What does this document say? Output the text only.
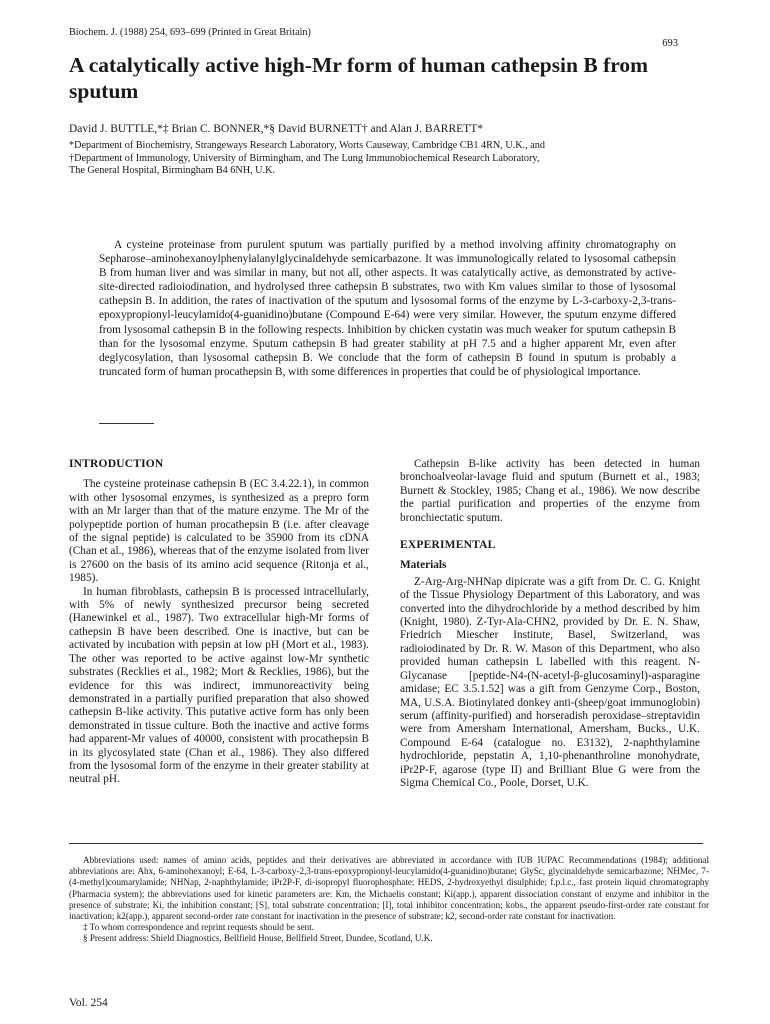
Biochem. J. (1988) 254, 693–699 (Printed in Great Britain)
693
A catalytically active high-Mr form of human cathepsin B from sputum
David J. BUTTLE,*‡ Brian C. BONNER,*§ David BURNETT† and Alan J. BARRETT*
*Department of Biochemistry, Strangeways Research Laboratory, Worts Causeway, Cambridge CB1 4RN, U.K., and
†Department of Immunology, University of Birmingham, and The Lung Immunobiochemical Research Laboratory,
The General Hospital, Birmingham B4 6NH, U.K.

A cysteine proteinase from purulent sputum was partially purified by a method involving affinity chromatography on Sepharose–aminohexanoylphenylalanylglycinaldehyde semicarbazone. It was immunologically related to lysosomal cathepsin B from human liver and was similar in many, but not all, other aspects. It was catalytically active, as demonstrated by active-site-directed radioiodination, and hydrolysed three cathepsin B substrates, two with Km values similar to those of lysosomal cathepsin B. In addition, the rates of inactivation of the sputum and lysosomal forms of the enzyme by L-3-carboxy-2,3-trans-epoxypropionyl-leucylamido(4-guanidino)butane (Compound E-64) were very similar. However, the sputum enzyme differed from lysosomal cathepsin B in the following respects. Inhibition by chicken cystatin was much weaker for sputum cathepsin B than for the lysosomal enzyme. Sputum cathepsin B had greater stability at pH 7.5 and a higher apparent Mr, even after deglycosylation, than lysosomal cathepsin B. We conclude that the form of cathepsin B found in sputum is probably a truncated form of human procathepsin B, with some differences in properties that could be of physiological importance.

INTRODUCTION

The cysteine proteinase cathepsin B (EC 3.4.22.1), in common with other lysosomal enzymes, is synthesized as a prepro form with an Mr larger than that of the mature enzyme. The Mr of the polypeptide portion of human procathepsin B (i.e. after cleavage of the signal peptide) is calculated to be 35900 from its cDNA (Chan et al., 1986), whereas that of the enzyme isolated from liver is 27600 on the basis of its amino acid sequence (Ritonja et al., 1985).

In human fibroblasts, cathepsin B is processed intracellularly, with 5% of newly synthesized precursor being secreted (Hanewinkel et al., 1987). Two extracellular high-Mr forms of cathepsin B have been described. One is inactive, but can be activated by incubation with pepsin at low pH (Mort et al., 1983). The other was reported to be active against low-Mr synthetic substrates (Recklies et al., 1982; Mort & Recklies, 1986), but the evidence for this was indirect, immunoreactivity being demonstrated in a partially purified preparation that also showed cathepsin B-like activity. This putative active form has only been demonstrated in tissue culture. Both the inactive and active forms had apparent-Mr values of 40000, consistent with procathepsin B in its glycosylated state (Chan et al., 1986). They also differed from the lysosomal form of the enzyme in their greater stability at neutral pH.

Cathepsin B-like activity has been detected in human bronchoalveolar-lavage fluid and sputum (Burnett et al., 1983; Burnett & Stockley, 1985; Chang et al., 1986). We now describe the partial purification and properties of the enzyme from bronchiectatic sputum.

EXPERIMENTAL
Materials

Z-Arg-Arg-NHNap dipicrate was a gift from Dr. C. G. Knight of the Tissue Physiology Department of this Laboratory, and was converted into the dihydrochloride by a method described by him (Knight, 1980). Z-Tyr-Ala-CHN2, provided by Dr. E. N. Shaw, Friedrich Miescher Institute, Basel, Switzerland, was radioiodinated by Dr. R. W. Mason of this Department, who also provided human cathepsin L labelled with this reagent. N-Glycanase [peptide-N4-(N-acetyl-β-glucosaminyl)-asparagine amidase; EC 3.5.1.52] was a gift from Genzyme Corp., Boston, MA, U.S.A. Biotinylated donkey anti-(sheep/goat immunoglobin) serum (affinity-purified) and horseradish peroxidase–streptavidin were from Amersham International, Amersham, Bucks., U.K. Compound E-64 (catalogue no. E3132), 2-naphthylamine hydrochloride, pepstatin A, 1,10-phenanthroline monohydrate, iPr2P-F, agarose (type II) and Brilliant Blue G were from the Sigma Chemical Co., Poole, Dorset, U.K.

Abbreviations used: names of amino acids, peptides and their derivatives are abbreviated in accordance with IUB IUPAC Recommendations (1984); additional abbreviations are: Ahx, 6-aminohexanoyl; E-64, L-3-carboxy-2,3-trans-epoxypropionyl-leucylamido(4-guanidino)butane; GlySc, glycinaldehyde semicarbazone; NHMec, 7-(4-methyl)coumarylamide; NHNap, 2-naphthylamide; iPr2P-F, di-isopropyl fluorophosphate; HEDS, 2-hydroxyethyl disulphide; f.p.l.c., fast protein liquid chromatography (Pharmacia system); the abbreviations used for kinetic parameters are: Km, the Michaelis constant; Ki(app.), apparent dissociation constant of enzyme and inhibitor in the presence of substrate; Ki, the inhibition constant; [S], total substrate concentration; [I], total inhibitor concentration; kobs., the apparent pseudo-first-order rate constant for inactivation; k2(app.), apparent second-order rate constant for inactivation in the presence of substrate; k2, second-order rate constant for inactivation.

‡ To whom correspondence and reprint requests should be sent.

§ Present address: Shield Diagnostics, Bellfield House, Bellfield Street, Dundee, Scotland, U.K.

Vol. 254
